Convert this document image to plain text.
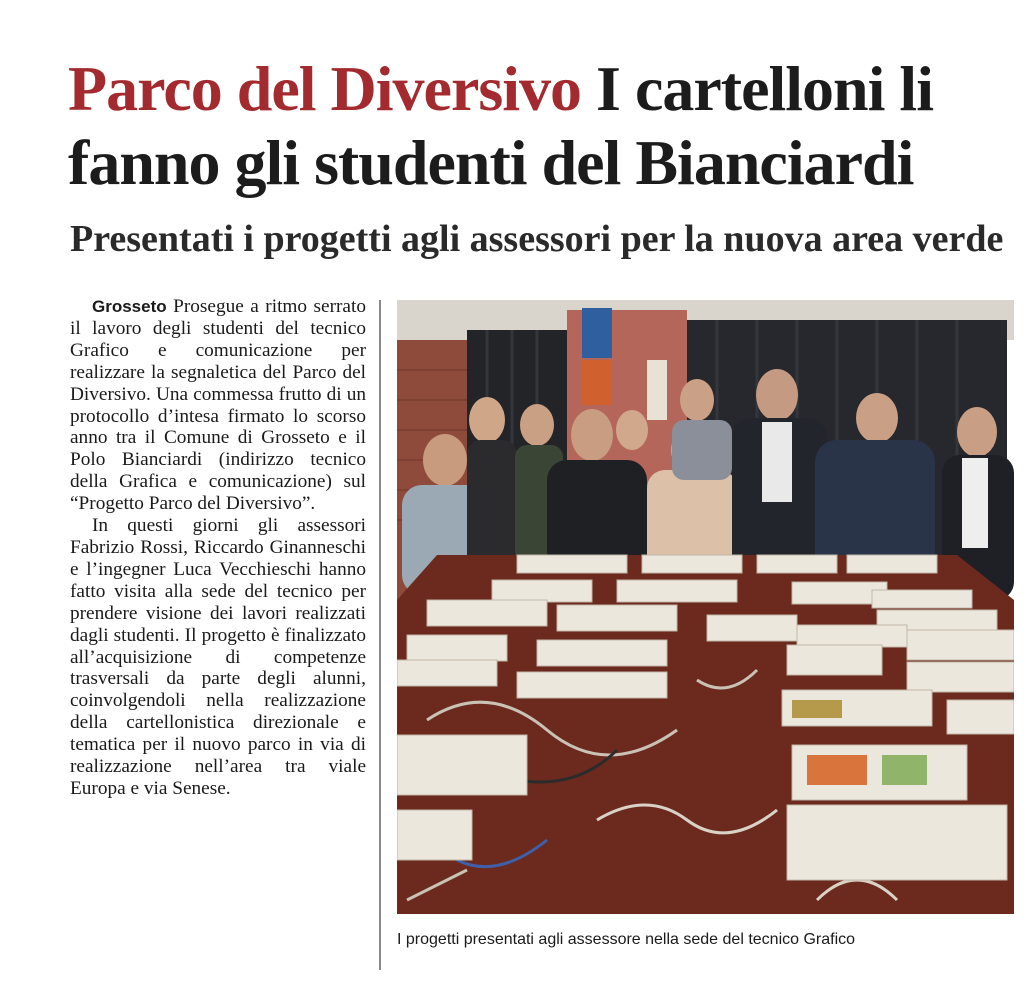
Parco del Diversivo I cartelloni li fanno gli studenti del Bianciardi
Presentati i progetti agli assessori per la nuova area verde

Grosseto Prosegue a ritmo serrato il lavoro degli studenti del tecnico Grafico e comunicazione per realizzare la segnaletica del Parco del Diversivo. Una commessa frutto di un protocollo d’intesa firmato lo scorso anno tra il Comune di Grosseto e il Polo Bianciardi (indirizzo tecnico della Grafica e comunicazione) sul “Progetto Parco del Diversivo”.

In questi giorni gli assessori Fabrizio Rossi, Riccardo Ginanneschi e l’ingegner Luca Vecchieschi hanno fatto visita alla sede del tecnico per prendere visione dei lavori realizzati dagli studenti. Il progetto è finalizzato all’acquisizione di competenze trasversali da parte degli alunni, coinvolgendoli nella realizzazione della cartellonistica direzionale e tematica per il nuovo parco in via di realizzazione nell’area tra viale Europa e via Senese.

I progetti presentati agli assessore nella sede del tecnico Grafico
